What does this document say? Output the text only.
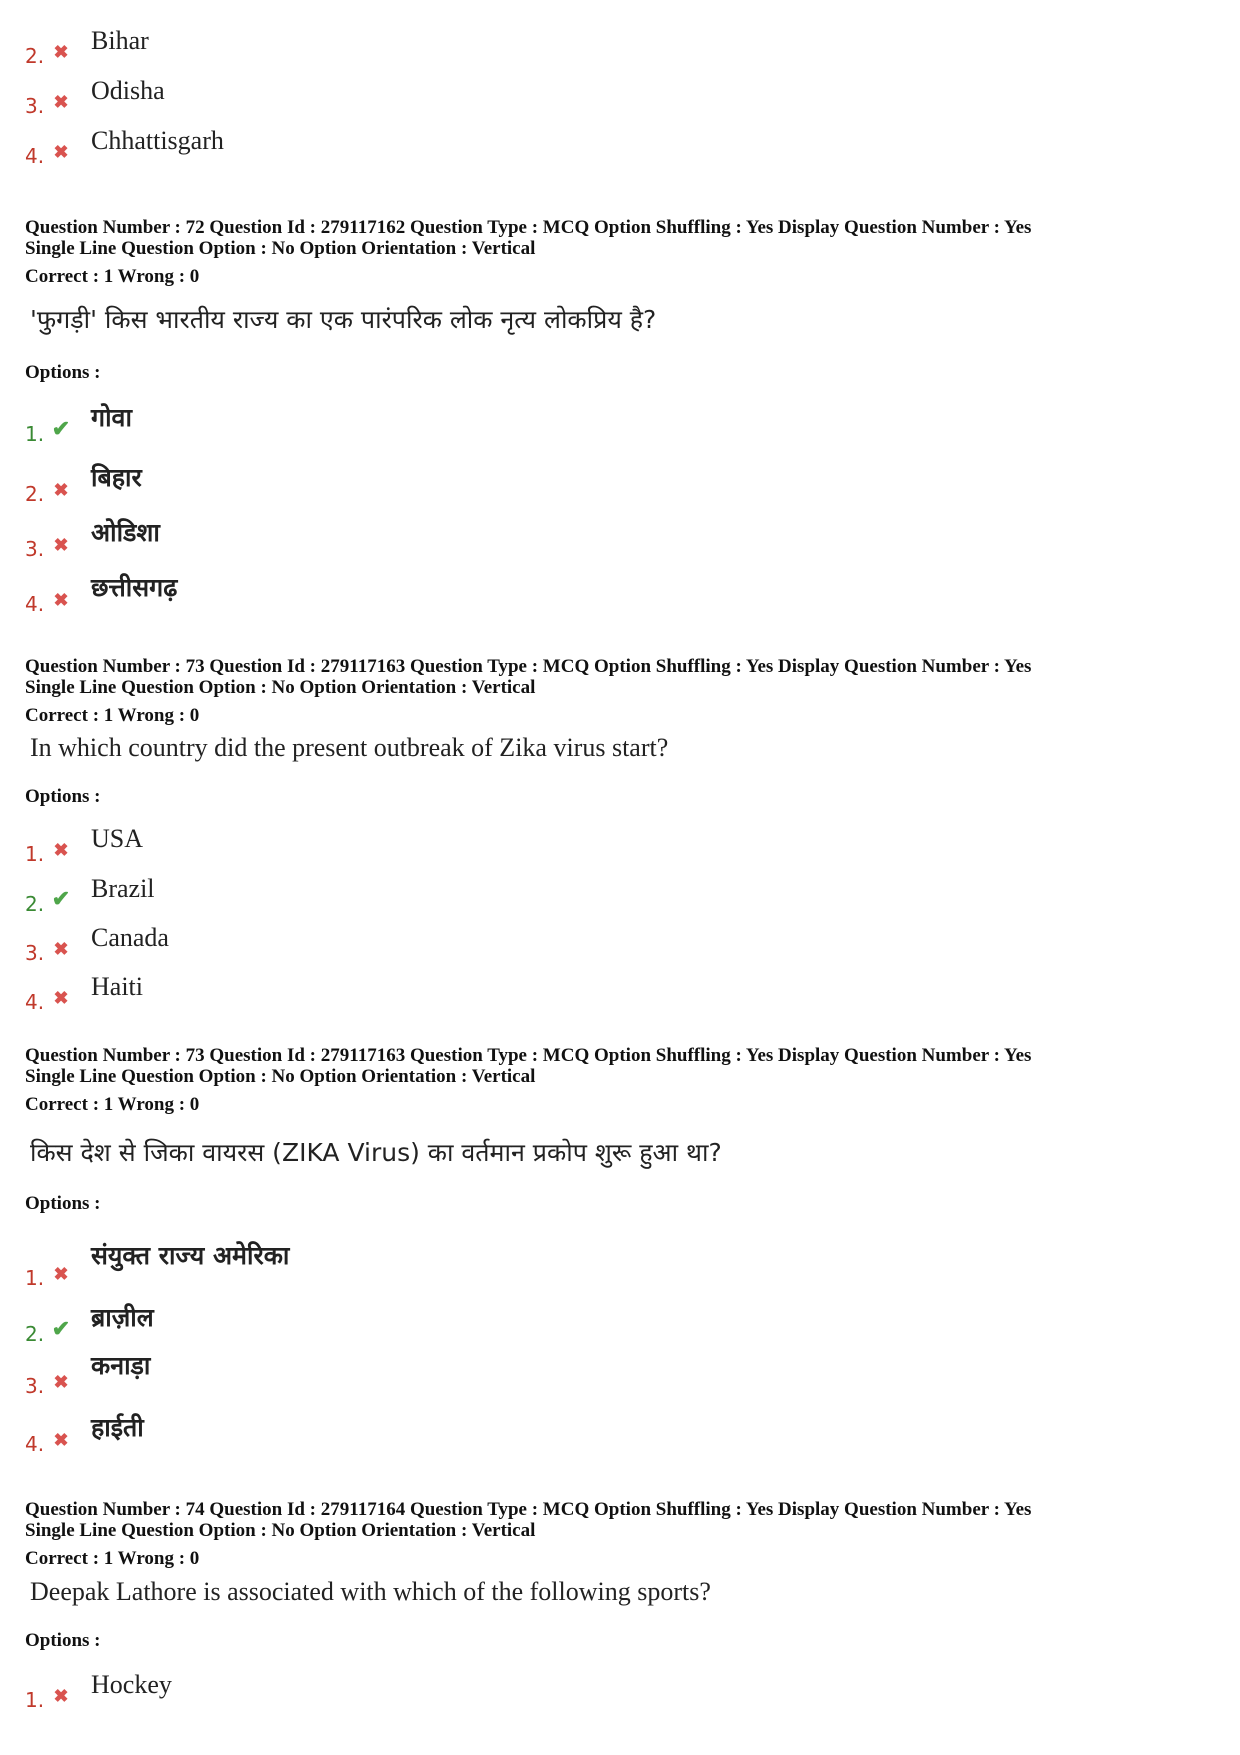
2. ✖ Bihar
3. ✖ Odisha
4. ✖ Chhattisgarh
Question Number : 72 Question Id : 279117162 Question Type : MCQ Option Shuffling : Yes Display Question Number : Yes
Single Line Question Option : No Option Orientation : Vertical
Correct : 1 Wrong : 0
'फुगड़ी' किस भारतीय राज्य का एक पारंपरिक लोक नृत्य लोकप्रिय है?
Options :
1. ✔ गोवा
2. ✖ बिहार
3. ✖ ओडिशा
4. ✖ छत्तीसगढ़
Question Number : 73 Question Id : 279117163 Question Type : MCQ Option Shuffling : Yes Display Question Number : Yes
Single Line Question Option : No Option Orientation : Vertical
Correct : 1 Wrong : 0
In which country did the present outbreak of Zika virus start?
Options :
1. ✖ USA
2. ✔ Brazil
3. ✖ Canada
4. ✖ Haiti
Question Number : 73 Question Id : 279117163 Question Type : MCQ Option Shuffling : Yes Display Question Number : Yes
Single Line Question Option : No Option Orientation : Vertical
Correct : 1 Wrong : 0
किस देश से जिका वायरस (ZIKA Virus) का वर्तमान प्रकोप शुरू हुआ था?
Options :
1. ✖
संयुक्त राज्य अमेरिका
2. ✔ ब्राज़ील
3. ✖
कनाड़ा
4. ✖ हाईती
Question Number : 74 Question Id : 279117164 Question Type : MCQ Option Shuffling : Yes Display Question Number : Yes
Single Line Question Option : No Option Orientation : Vertical
Correct : 1 Wrong : 0
Deepak Lathore is associated with which of the following sports?
Options :
1. ✖ Hockey
